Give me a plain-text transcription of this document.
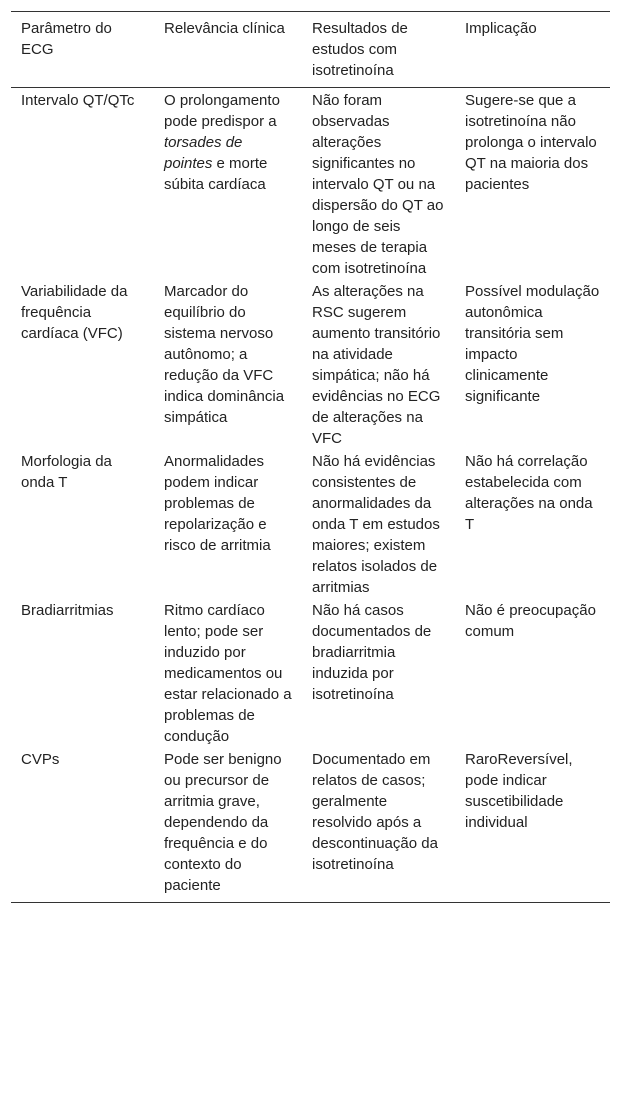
Parâmetro do ECG	Relevância clínica	Resultados de estudos com isotretinoína	Implicação
Intervalo QT/QTc	O prolongamento pode predispor a torsades de pointes e morte súbita cardíaca	Não foram observadas alterações significantes no intervalo QT ou na dispersão do QT ao longo de seis meses de terapia com isotretinoína	Sugere-se que a isotretinoína não prolonga o intervalo QT na maioria dos pacientes
Variabilidade da frequência cardíaca (VFC)	Marcador do equilíbrio do sistema nervoso autônomo; a redução da VFC indica dominância simpática	As alterações na RSC sugerem aumento transitório na atividade simpática; não há evidências no ECG de alterações na VFC	Possível modulação autonômica transitória sem impacto clinicamente significante
Morfologia da onda T	Anormalidades podem indicar problemas de repolarização e risco de arritmia	Não há evidências consistentes de anormalidades da onda T em estudos maiores; existem relatos isolados de arritmias	Não há correlação estabelecida com alterações na onda T
Bradiarritmias	Ritmo cardíaco lento; pode ser induzido por medicamentos ou estar relacionado a problemas de condução	Não há casos documentados de bradiarritmia induzida por isotretinoína	Não é preocupação comum
CVPs	Pode ser benigno ou precursor de arritmia grave, dependendo da frequência e do contexto do paciente	Documentado em relatos de casos; geralmente resolvido após a descontinuação da isotretinoína	RaroReversível, pode indicar suscetibilidade individual
